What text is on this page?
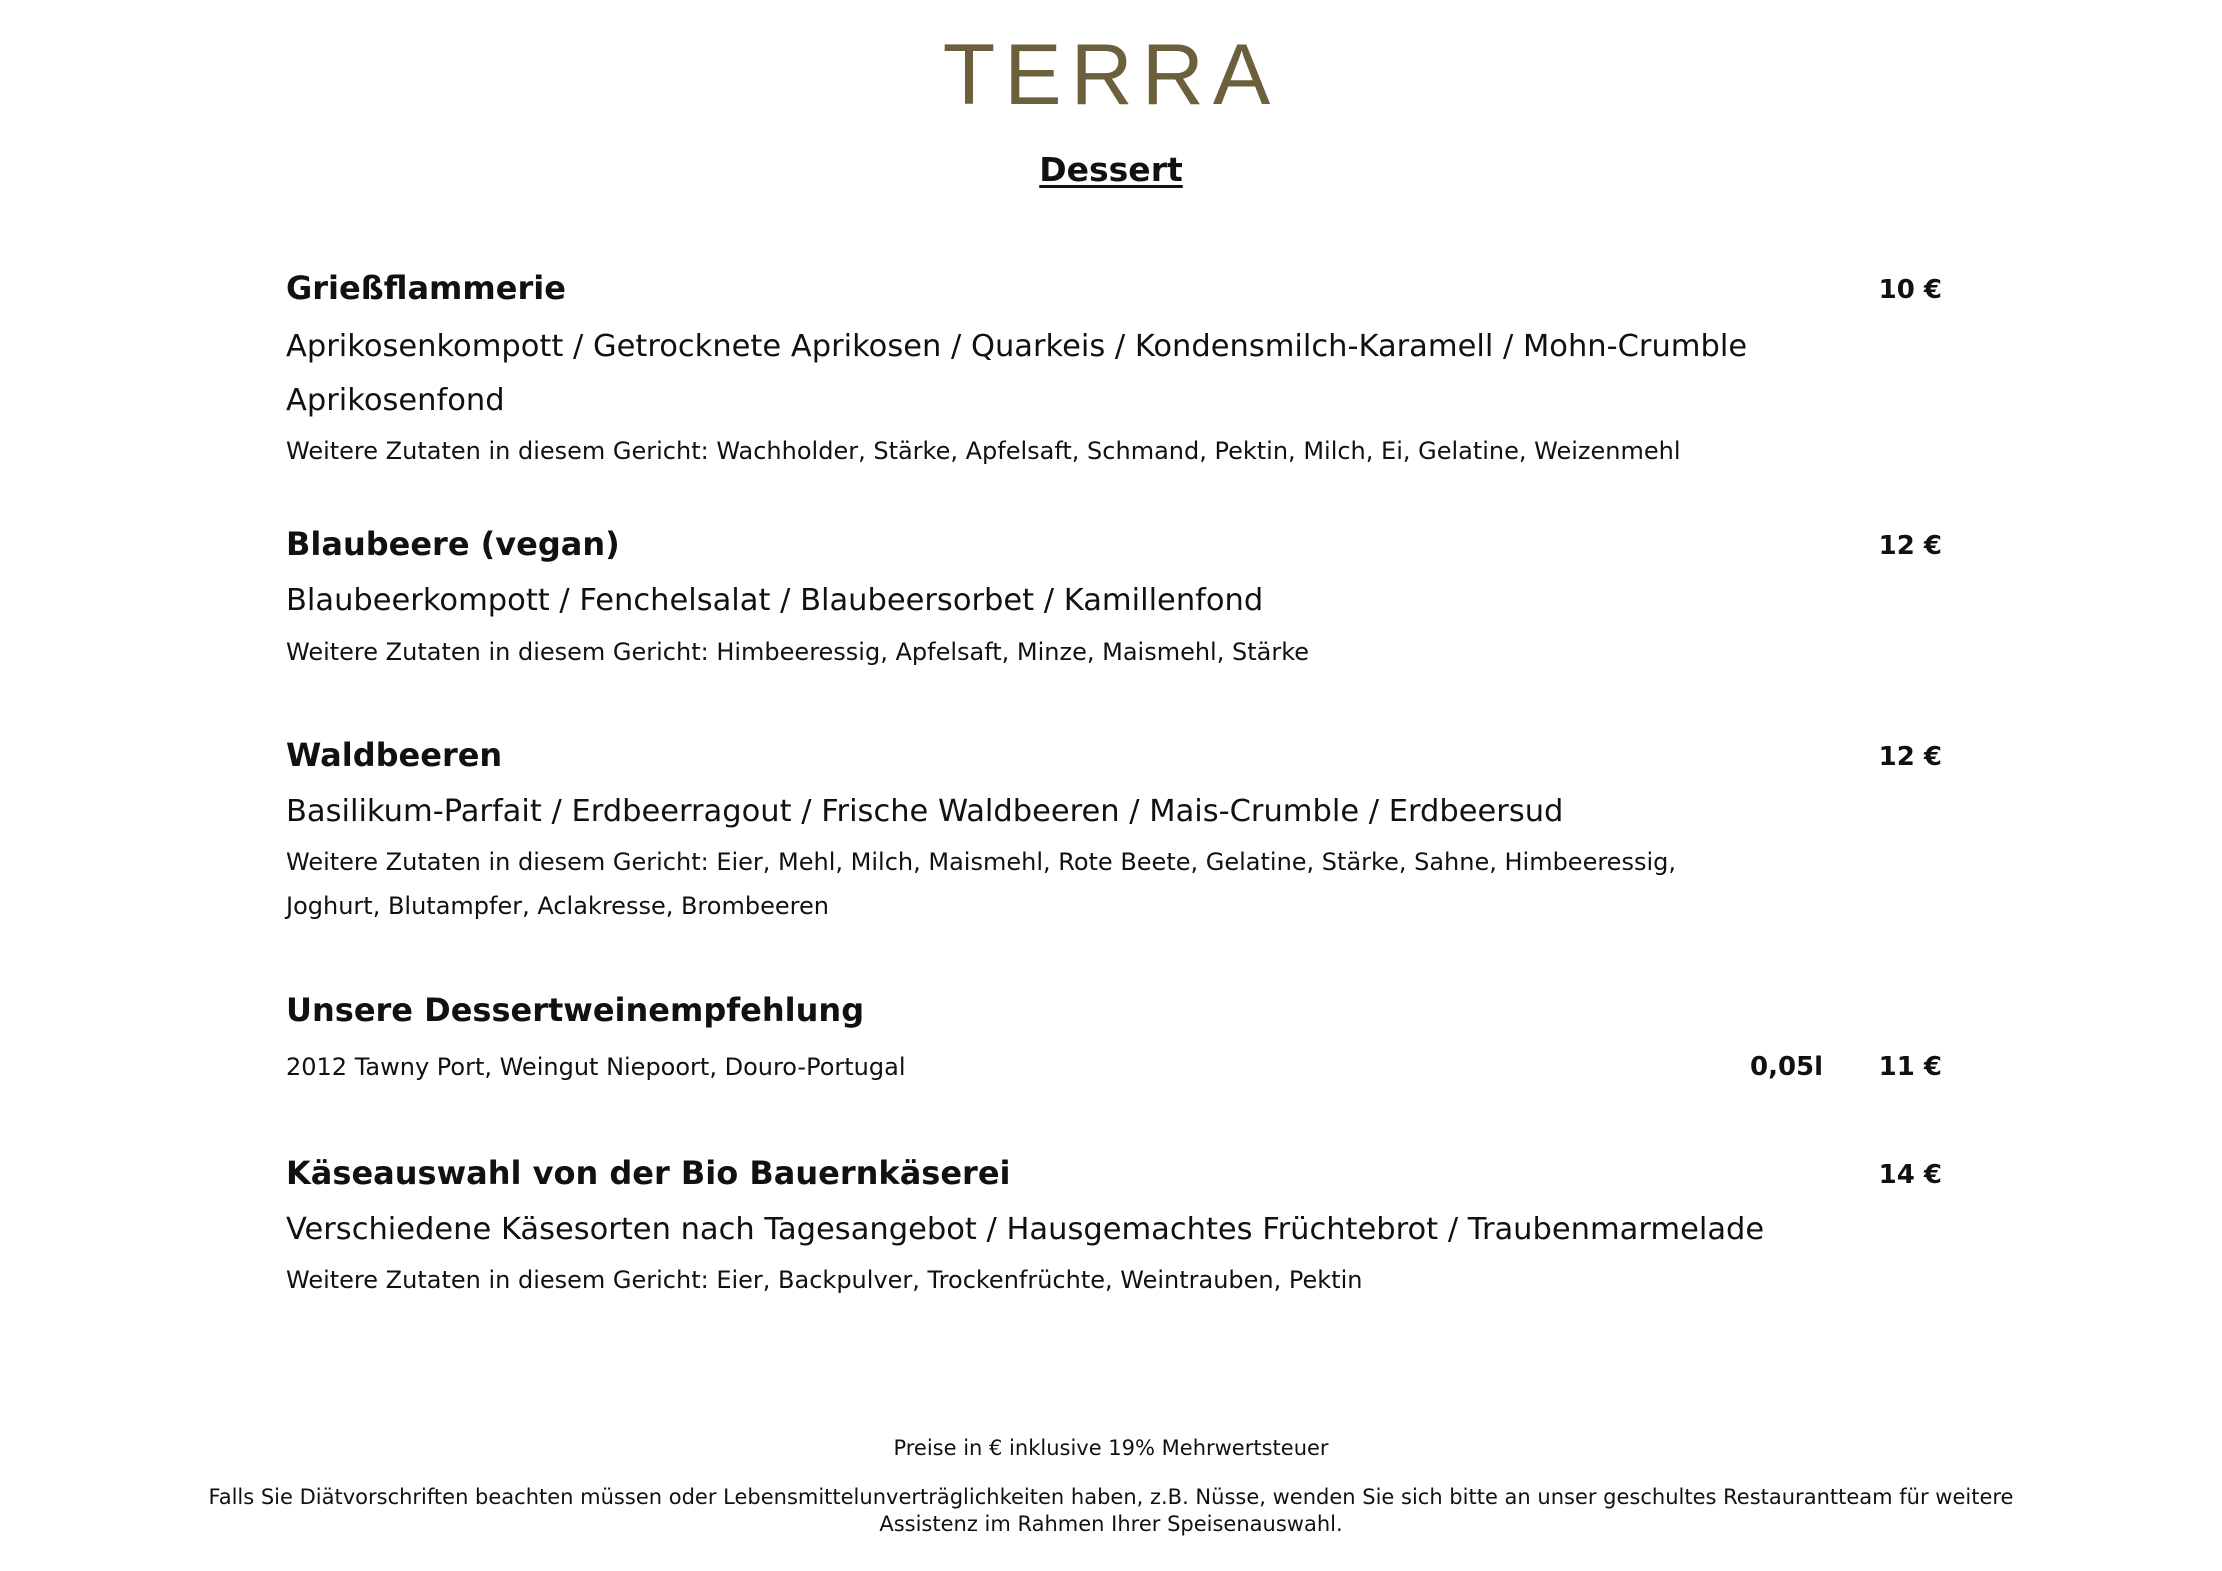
TERRA
Dessert
Grießflammerie	10 €
Aprikosenkompott / Getrocknete Aprikosen / Quarkeis / Kondensmilch-Karamell / Mohn-Crumble
Aprikosenfond
Weitere Zutaten in diesem Gericht: Wachholder, Stärke, Apfelsaft, Schmand, Pektin, Milch, Ei, Gelatine, Weizenmehl
Blaubeere (vegan)	12 €
Blaubeerkompott / Fenchelsalat / Blaubeersorbet / Kamillenfond
Weitere Zutaten in diesem Gericht: Himbeeressig, Apfelsaft, Minze, Maismehl, Stärke
Waldbeeren	12 €
Basilikum-Parfait / Erdbeerragout / Frische Waldbeeren / Mais-Crumble / Erdbeersud
Weitere Zutaten in diesem Gericht: Eier, Mehl, Milch, Maismehl, Rote Beete, Gelatine, Stärke, Sahne, Himbeeressig, Joghurt, Blutampfer, Aclakresse, Brombeeren
Unsere Dessertweinempfehlung
2012 Tawny Port, Weingut Niepoort, Douro-Portugal	0,05l 11 €
Käseauswahl von der Bio Bauernkäserei	14 €
Verschiedene Käsesorten nach Tagesangebot / Hausgemachtes Früchtebrot / Traubenmarmelade
Weitere Zutaten in diesem Gericht: Eier, Backpulver, Trockenfrüchte, Weintrauben, Pektin
Preise in € inklusive 19% Mehrwertsteuer
Falls Sie Diätvorschriften beachten müssen oder Lebensmittelunverträglichkeiten haben, z.B. Nüsse, wenden Sie sich bitte an unser geschultes Restaurantteam für weitere Assistenz im Rahmen Ihrer Speisenauswahl.
